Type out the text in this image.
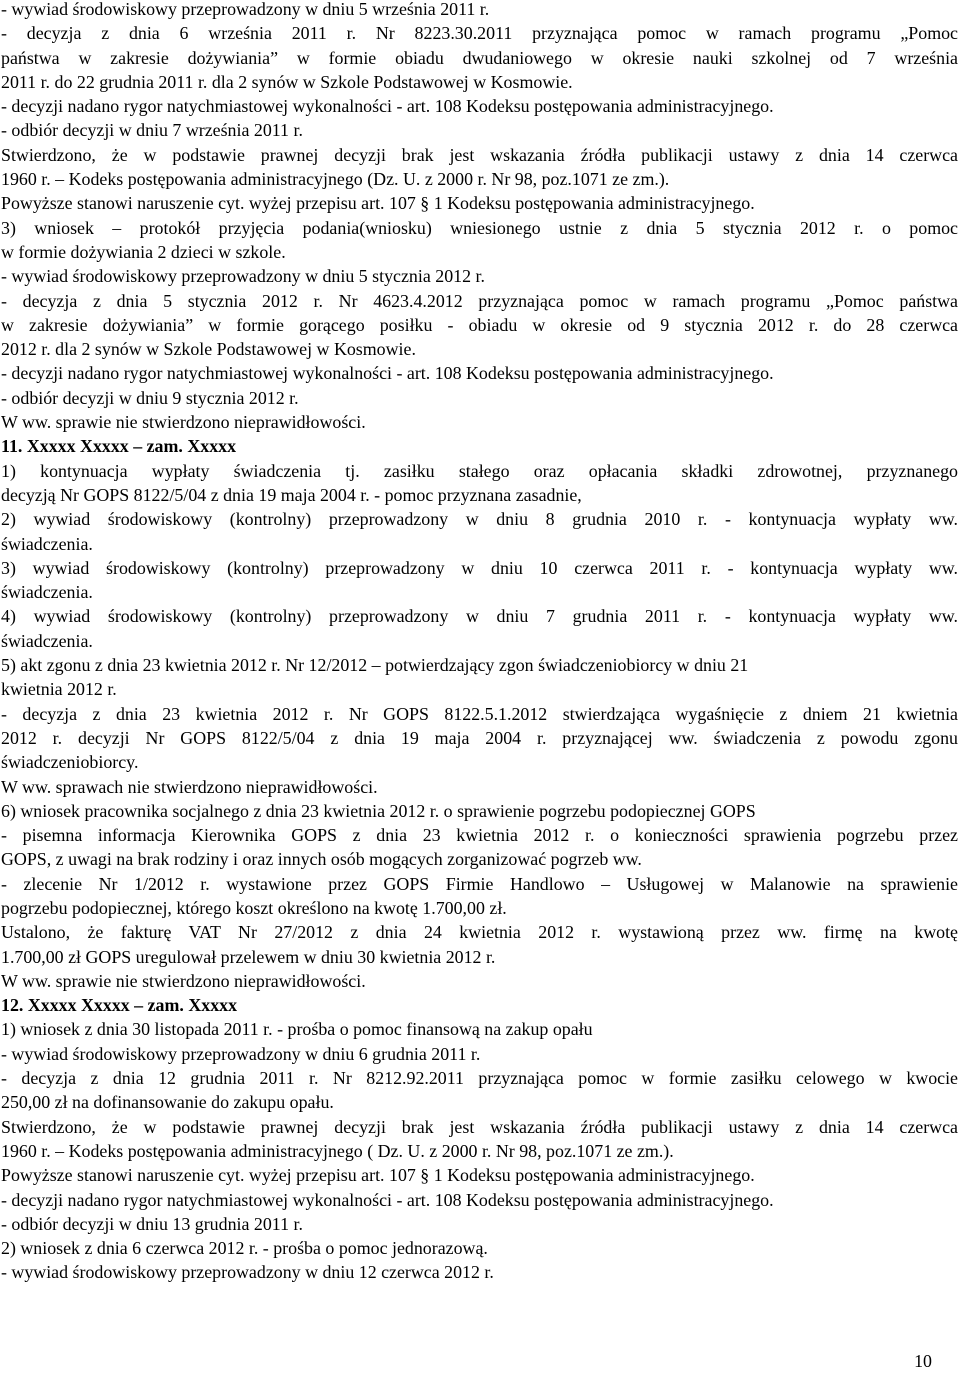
- wywiad środowiskowy przeprowadzony w dniu 5 września 2011 r.

- decyzja z dnia 6 września 2011 r. Nr 8223.30.2011 przyznająca pomoc w ramach programu „Pomoc

państwa w zakresie dożywiania” w formie obiadu dwudaniowego w okresie nauki szkolnej od 7 września

2011 r. do 22 grudnia 2011 r. dla 2 synów w Szkole Podstawowej w Kosmowie.

- decyzji nadano rygor natychmiastowej wykonalności - art. 108 Kodeksu postępowania administracyjnego.

- odbiór decyzji w dniu 7 września 2011 r.

Stwierdzono, że w podstawie prawnej decyzji brak jest wskazania źródła publikacji ustawy z dnia 14 czerwca

1960 r. – Kodeks postępowania administracyjnego (Dz. U. z 2000 r. Nr 98, poz.1071 ze zm.).

Powyższe stanowi naruszenie cyt. wyżej przepisu art. 107 § 1 Kodeksu postępowania administracyjnego.

3) wniosek – protokół przyjęcia podania(wniosku) wniesionego ustnie z dnia 5 stycznia 2012 r. o pomoc

w formie dożywiania 2 dzieci w szkole.

- wywiad środowiskowy przeprowadzony w dniu 5 stycznia 2012 r.

- decyzja z dnia 5 stycznia 2012 r. Nr 4623.4.2012 przyznająca pomoc w ramach programu „Pomoc państwa

w zakresie dożywiania” w formie gorącego posiłku - obiadu w okresie od 9 stycznia 2012 r. do 28 czerwca

2012 r. dla 2 synów w Szkole Podstawowej w Kosmowie.

- decyzji nadano rygor natychmiastowej wykonalności - art. 108 Kodeksu postępowania administracyjnego.

- odbiór decyzji w dniu 9 stycznia 2012 r.

W ww. sprawie nie stwierdzono nieprawidłowości.

11. Xxxxx Xxxxx – zam. Xxxxx

1) kontynuacja wypłaty świadczenia tj. zasiłku stałego oraz opłacania składki zdrowotnej, przyznanego

decyzją Nr GOPS 8122/5/04 z dnia 19 maja 2004 r. - pomoc przyznana zasadnie,

2) wywiad środowiskowy (kontrolny) przeprowadzony w dniu 8 grudnia 2010 r. - kontynuacja wypłaty ww.

świadczenia.

3) wywiad środowiskowy (kontrolny) przeprowadzony w dniu 10 czerwca 2011 r. - kontynuacja wypłaty ww.

świadczenia.

4) wywiad środowiskowy (kontrolny) przeprowadzony w dniu 7 grudnia 2011 r. - kontynuacja wypłaty ww.

świadczenia.

5) akt zgonu z dnia 23 kwietnia 2012 r. Nr 12/2012 – potwierdzający zgon świadczeniobiorcy w dniu 21

kwietnia 2012 r.

- decyzja z dnia 23 kwietnia 2012 r. Nr GOPS 8122.5.1.2012 stwierdzająca wygaśnięcie z dniem 21 kwietnia

2012 r. decyzji Nr GOPS 8122/5/04 z dnia 19 maja 2004 r. przyznającej ww. świadczenia z powodu zgonu

świadczeniobiorcy.

W ww. sprawach nie stwierdzono nieprawidłowości.

6) wniosek pracownika socjalnego z dnia 23 kwietnia 2012 r. o sprawienie pogrzebu podopiecznej GOPS

- pisemna informacja Kierownika GOPS z dnia 23 kwietnia 2012 r. o konieczności sprawienia pogrzebu przez

GOPS, z uwagi na brak rodziny i oraz innych osób mogących zorganizować pogrzeb ww.

- zlecenie Nr 1/2012 r. wystawione przez GOPS Firmie Handlowo – Usługowej w Malanowie na sprawienie

pogrzebu podopiecznej, którego koszt określono na kwotę 1.700,00 zł.

Ustalono, że fakturę VAT Nr 27/2012 z dnia 24 kwietnia 2012 r. wystawioną przez ww. firmę na kwotę

1.700,00 zł GOPS uregulował przelewem w dniu 30 kwietnia 2012 r.

W ww. sprawie nie stwierdzono nieprawidłowości.

12. Xxxxx Xxxxx – zam. Xxxxx

1) wniosek z dnia 30 listopada 2011 r. - prośba o pomoc finansową na zakup opału

- wywiad środowiskowy przeprowadzony w dniu 6 grudnia 2011 r.

- decyzja z dnia 12 grudnia 2011 r. Nr 8212.92.2011 przyznająca pomoc w formie zasiłku celowego w kwocie

250,00 zł na dofinansowanie do zakupu opału.

Stwierdzono, że w podstawie prawnej decyzji brak jest wskazania źródła publikacji ustawy z dnia 14 czerwca

1960 r. – Kodeks postępowania administracyjnego ( Dz. U. z 2000 r. Nr 98, poz.1071 ze zm.).

Powyższe stanowi naruszenie cyt. wyżej przepisu art. 107 § 1 Kodeksu postępowania administracyjnego.

- decyzji nadano rygor natychmiastowej wykonalności - art. 108 Kodeksu postępowania administracyjnego.

- odbiór decyzji w dniu 13 grudnia 2011 r.

2) wniosek z dnia 6 czerwca 2012 r. - prośba o pomoc jednorazową.

- wywiad środowiskowy przeprowadzony w dniu 12 czerwca 2012 r.

10
